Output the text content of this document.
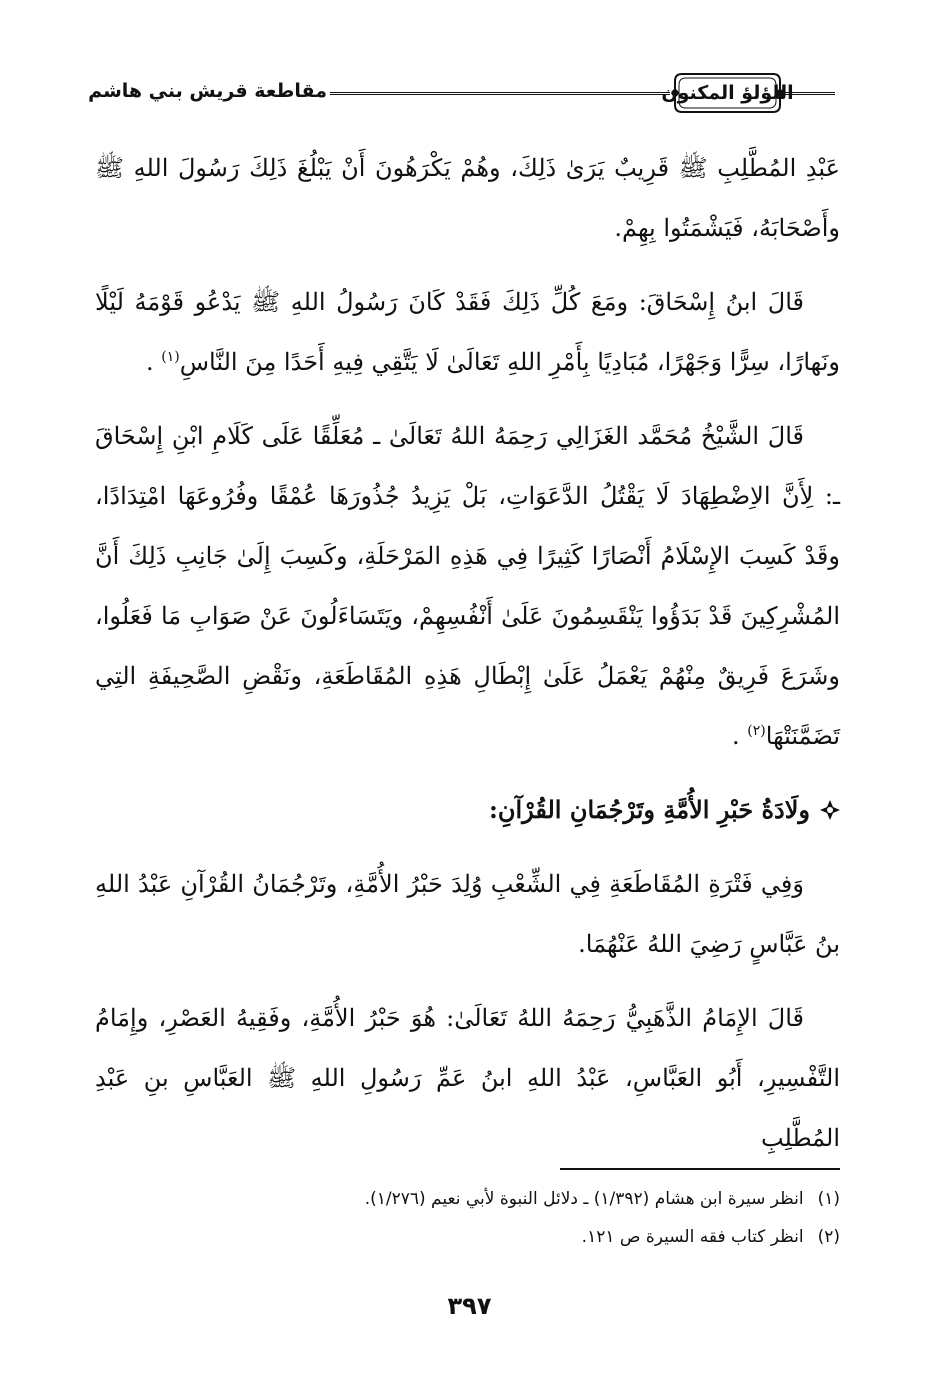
اللؤلؤ المكنون
مقاطعة قريش بني هاشم

عَبْدِ المُطَّلِبِ ﷺ قَرِيبٌ يَرَىٰ ذَلِكَ، وهُمْ يَكْرَهُونَ أَنْ يَبْلُغَ ذَلِكَ رَسُولَ اللهِ ﷺ وأَصْحَابَهُ، فَيَشْمَتُوا بِهِمْ.

قَالَ ابنُ إِسْحَاقَ: ومَعَ كُلِّ ذَلِكَ فَقَدْ كَانَ رَسُولُ اللهِ ﷺ يَدْعُو قَوْمَهُ لَيْلًا ونَهارًا، سِرًّا وَجَهْرًا، مُبَادِيًا بِأَمْرِ اللهِ تَعَالَىٰ لَا يَتَّقِي فِيهِ أَحَدًا مِنَ النَّاسِ$^{(١)}$ .

قَالَ الشَّيْخُ مُحَمَّد الغَزَالِي رَحِمَهُ اللهُ تَعَالَىٰ ـ مُعَلِّقًا عَلَى كَلَامِ ابْنِ إِسْحَاقَ ـ: لِأَنَّ الاِضْطِهَادَ لَا يَقْتُلُ الدَّعَوَاتِ، بَلْ يَزِيدُ جُذُورَهَا عُمْقًا وفُرُوعَهَا امْتِدَادًا، وقَدْ كَسِبَ الإِسْلَامُ أَنْصَارًا كَثِيرًا فِي هَذِهِ المَرْحَلَةِ، وكَسِبَ إِلَىٰ جَانِبِ ذَلِكَ أَنَّ المُشْرِكِينَ قَدْ بَدَؤُوا يَنْقَسِمُونَ عَلَىٰ أَنْفُسِهِمْ، ويَتَسَاءَلُونَ عَنْ صَوَابِ مَا فَعَلُوا، وشَرَعَ فَرِيقٌ مِنْهُمْ يَعْمَلُ عَلَىٰ إِبْطَالِ هَذِهِ المُقَاطَعَةِ، ونَقْضِ الصَّحِيفَةِ التِي تَضَمَّنَتْهَا$^{(٢)}$ .

ولَادَةُ حَبْرِ الأُمَّةِ وتَرْجُمَانِ القُرْآنِ:

وَفِي فَتْرَةِ المُقَاطَعَةِ فِي الشِّعْبِ وُلِدَ حَبْرُ الأُمَّةِ، وتَرْجُمَانُ القُرْآنِ عَبْدُ اللهِ بنُ عَبَّاسٍ رَضِيَ اللهُ عَنْهُمَا.

قَالَ الإِمَامُ الذَّهَبِيُّ رَحِمَهُ اللهُ تَعَالَىٰ: هُوَ حَبْرُ الأُمَّةِ، وفَقِيهُ العَصْرِ، وإِمَامُ التَّفْسِيرِ، أَبُو العَبَّاسِ، عَبْدُ اللهِ ابنُ عَمِّ رَسُولِ اللهِ ﷺ العَبَّاسِ بنِ عَبْدِ المُطَّلِبِ

(١)انظر سيرة ابن هشام (١/٣٩٢) ـ دلائل النبوة لأبي نعيم (١/٢٧٦).
(٢)انظر كتاب فقه السيرة ص ١٢١.
٣٩٧
